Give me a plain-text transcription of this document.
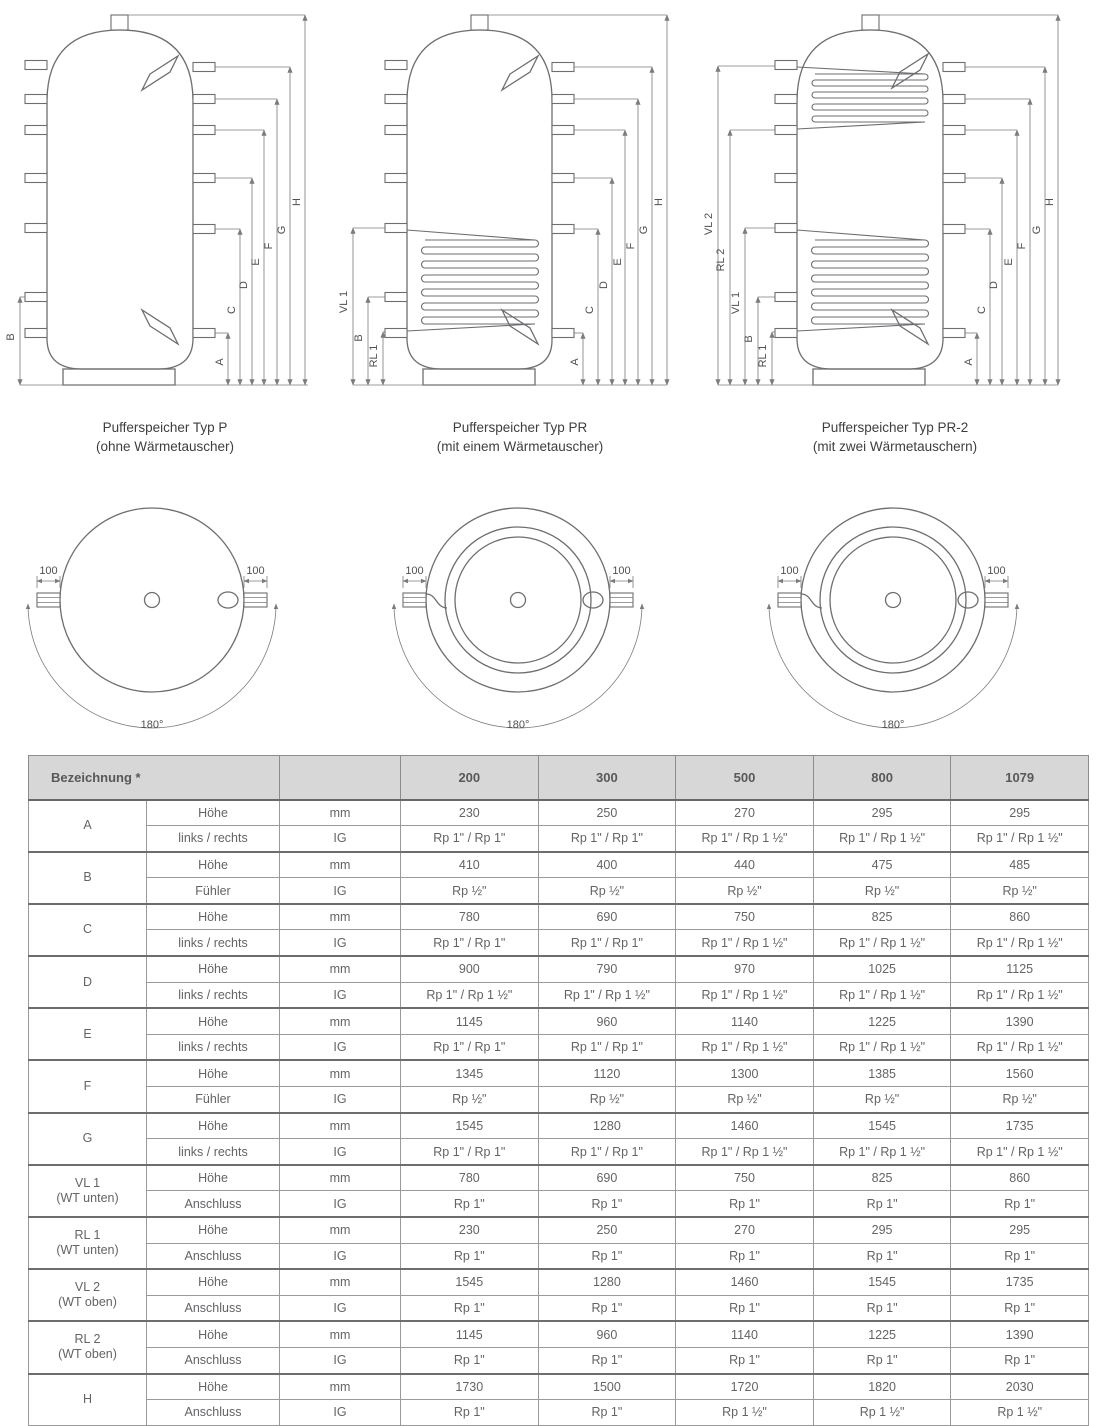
B
A
C
D
E
F
G
H
VL 1
B
RL 1	A
C
D
E
F
G
H
VL 2
RL 2
VL 1
B
RL 1	A
C
D
E
F
G
H
Pufferspeicher Typ P
(ohne Wärmetauscher)
Pufferspeicher Typ PR
(mit einem Wärmetauscher)
Pufferspeicher Typ PR-2
(mit zwei Wärmetauschern)
100	100
180°
100	100
180°
100	100
180°
Bezeichnung *			200	300	500	800	1079
A	Höhe	mm	230	250	270	295	295
	links / rechts	IG	Rp 1" / Rp 1"	Rp 1" / Rp 1"	Rp 1" / Rp 1 ½"	Rp 1" / Rp 1 ½"	Rp 1" / Rp 1 ½"
B	Höhe	mm	410	400	440	475	485
	Fühler	IG	Rp ½"	Rp ½"	Rp ½"	Rp ½"	Rp ½"
C	Höhe	mm	780	690	750	825	860
	links / rechts	IG	Rp 1" / Rp 1"	Rp 1" / Rp 1"	Rp 1" / Rp 1 ½"	Rp 1" / Rp 1 ½"	Rp 1" / Rp 1 ½"
D	Höhe	mm	900	790	970	1025	1125
	links / rechts	IG	Rp 1" / Rp 1 ½"	Rp 1" / Rp 1 ½"	Rp 1" / Rp 1 ½"	Rp 1" / Rp 1 ½"	Rp 1" / Rp 1 ½"
E	Höhe	mm	1145	960	1140	1225	1390
	links / rechts	IG	Rp 1" / Rp 1"	Rp 1" / Rp 1"	Rp 1" / Rp 1 ½"	Rp 1" / Rp 1 ½"	Rp 1" / Rp 1 ½"
F	Höhe	mm	1345	1120	1300	1385	1560
	Fühler	IG	Rp ½"	Rp ½"	Rp ½"	Rp ½"	Rp ½"
G	Höhe	mm	1545	1280	1460	1545	1735
	links / rechts	IG	Rp 1" / Rp 1"	Rp 1" / Rp 1"	Rp 1" / Rp 1 ½"	Rp 1" / Rp 1 ½"	Rp 1" / Rp 1 ½"
VL 1
(WT unten)	Höhe	mm	780	690	750	825	860
	Anschluss	IG	Rp 1"	Rp 1"	Rp 1"	Rp 1"	Rp 1"
RL 1
(WT unten)	Höhe	mm	230	250	270	295	295
	Anschluss	IG	Rp 1"	Rp 1"	Rp 1"	Rp 1"	Rp 1"
VL 2
(WT oben)	Höhe	mm	1545	1280	1460	1545	1735
	Anschluss	IG	Rp 1"	Rp 1"	Rp 1"	Rp 1"	Rp 1"
RL 2
(WT oben)	Höhe	mm	1145	960	1140	1225	1390
	Anschluss	IG	Rp 1"	Rp 1"	Rp 1"	Rp 1"	Rp 1"
H	Höhe	mm	1730	1500	1720	1820	2030
	Anschluss	IG	Rp 1"	Rp 1"	Rp 1 ½"	Rp 1 ½"	Rp 1 ½"
